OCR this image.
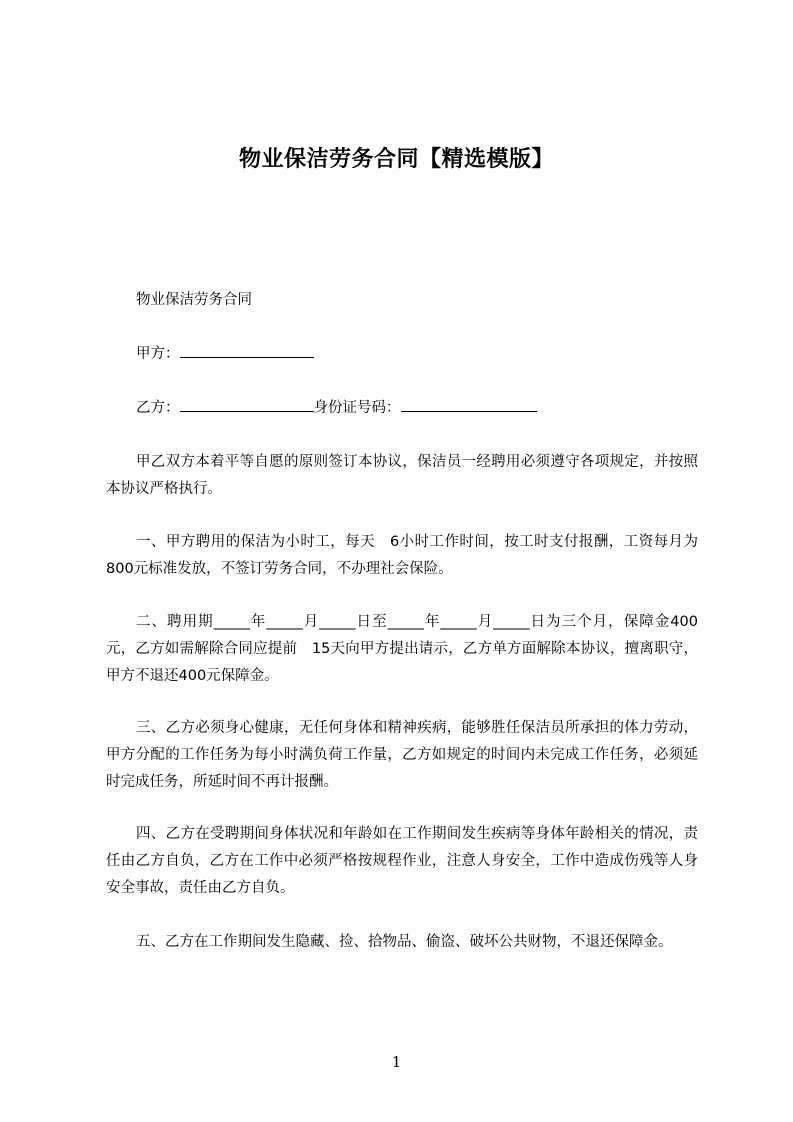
物业保洁劳务合同【精选模版】
物业保洁劳务合同
甲方：
乙方：	身份证号码：
甲乙双方本着平等自愿的原则签订本协议，保洁员一经聘用必须遵守各项规定，并按照本协议严格执行。
一、甲方聘用的保洁为小时工，每天　6小时工作时间，按工时支付报酬，工资每月为800元标准发放，不签订劳务合同，不办理社会保险。
二、聘用期_____年_____月_____日至_____年_____月_____日为三个月，保障金400元，乙方如需解除合同应提前　15天向甲方提出请示，乙方单方面解除本协议，擅离职守，甲方不退还400元保障金。
三、乙方必须身心健康，无任何身体和精神疾病，能够胜任保洁员所承担的体力劳动，甲方分配的工作任务为每小时满负荷工作量，乙方如规定的时间内未完成工作任务，必须延时完成任务，所延时间不再计报酬。
四、乙方在受聘期间身体状况和年龄如在工作期间发生疾病等身体年龄相关的情况，责任由乙方自负，乙方在工作中必须严格按规程作业，注意人身安全，工作中造成伤残等人身安全事故，责任由乙方自负。
五、乙方在工作期间发生隐藏、捡、拾物品、偷盗、破坏公共财物，不退还保障金。
1
